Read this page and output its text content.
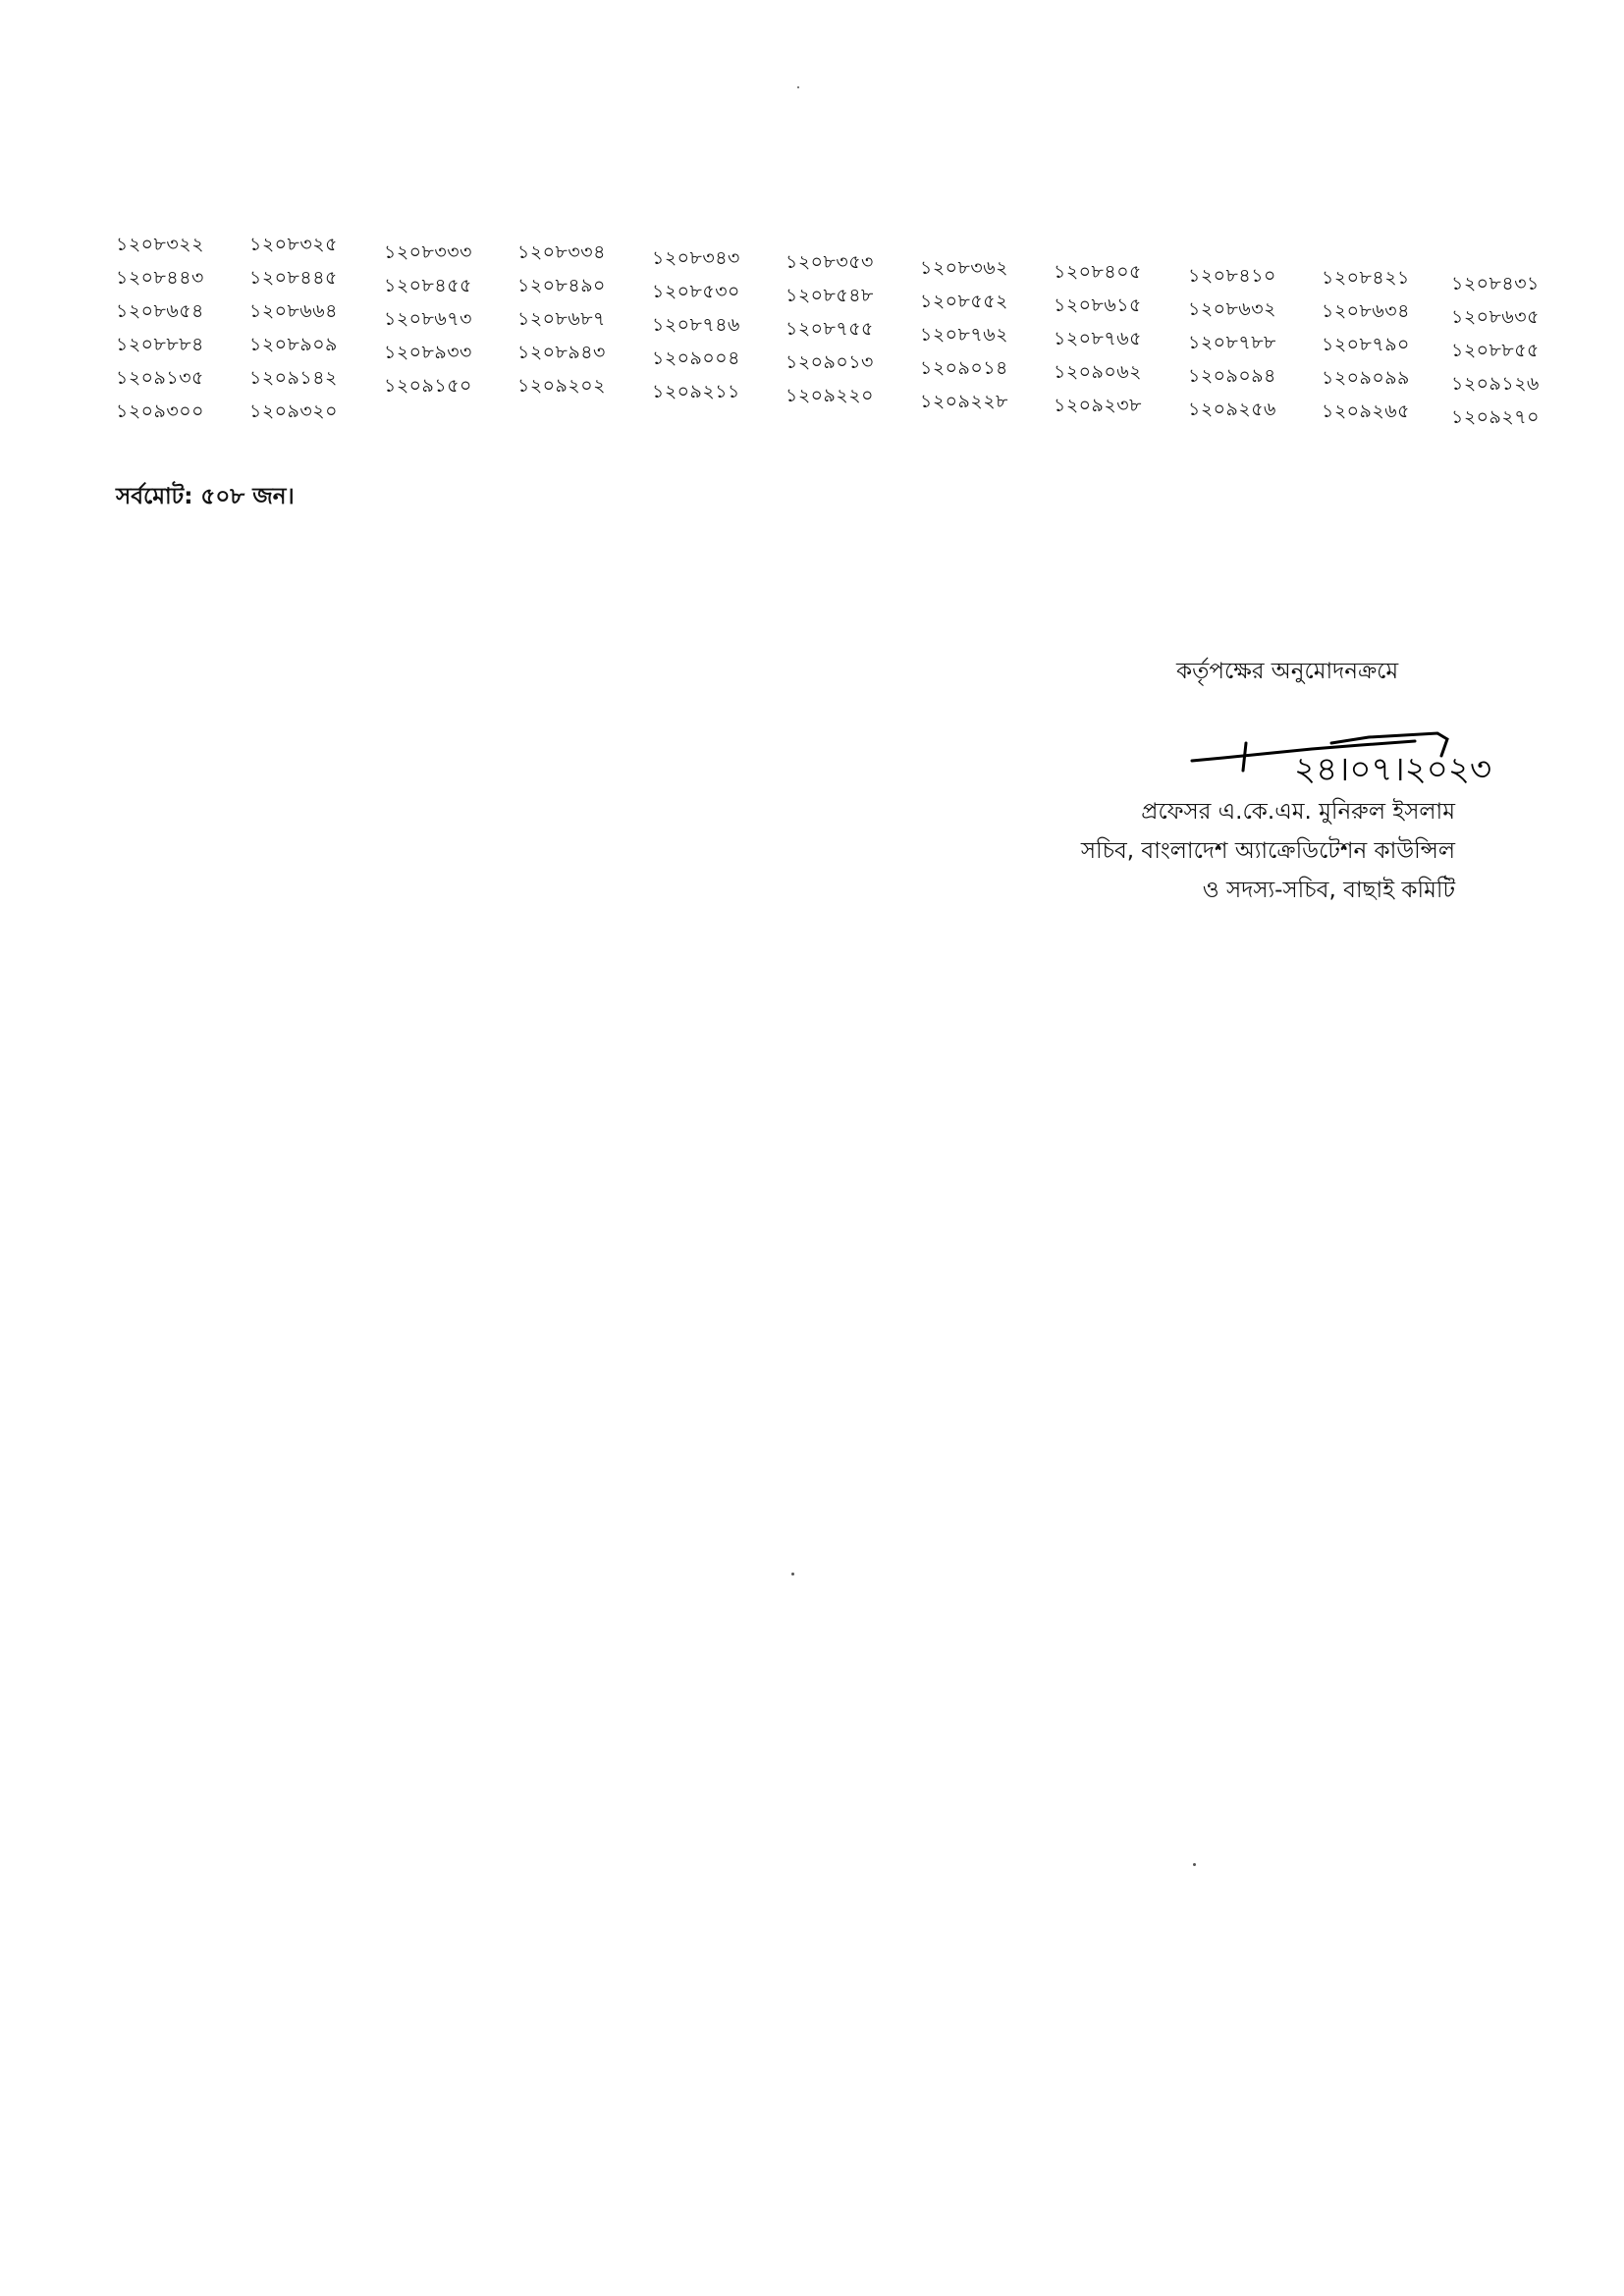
১২০৮৩২২
১২০৮৪৪৩
১২০৮৬৫৪
১২০৮৮৮৪
১২০৯১৩৫
১২০৯৩০০
১২০৮৩২৫
১২০৮৪৪৫
১২০৮৬৬৪
১২০৮৯০৯
১২০৯১৪২
১২০৯৩২০
১২০৮৩৩৩
১২০৮৪৫৫
১২০৮৬৭৩
১২০৮৯৩৩
১২০৯১৫০
১২০৮৩৩৪
১২০৮৪৯০
১২০৮৬৮৭
১২০৮৯৪৩
১২০৯২০২
১২০৮৩৪৩
১২০৮৫৩০
১২০৮৭৪৬
১২০৯০০৪
১২০৯২১১
১২০৮৩৫৩
১২০৮৫৪৮
১২০৮৭৫৫
১২০৯০১৩
১২০৯২২০
১২০৮৩৬২
১২০৮৫৫২
১২০৮৭৬২
১২০৯০১৪
১২০৯২২৮
১২০৮৪০৫
১২০৮৬১৫
১২০৮৭৬৫
১২০৯০৬২
১২০৯২৩৮
১২০৮৪১০
১২০৮৬৩২
১২০৮৭৮৮
১২০৯০৯৪
১২০৯২৫৬
১২০৮৪২১
১২০৮৬৩৪
১২০৮৭৯০
১২০৯০৯৯
১২০৯২৬৫
১২০৮৪৩১
১২০৮৬৩৫
১২০৮৮৫৫
১২০৯১২৬
১২০৯২৭০
সর্বমোট: ৫০৮ জন।
কর্তৃপক্ষের অনুমোদনক্রমে
২৪।০৭।২০২৩
প্রফেসর এ.কে.এম. মুনিরুল ইসলাম
সচিব, বাংলাদেশ অ্যাক্রেডিটেশন কাউন্সিল
ও সদস্য-সচিব, বাছাই কমিটি
